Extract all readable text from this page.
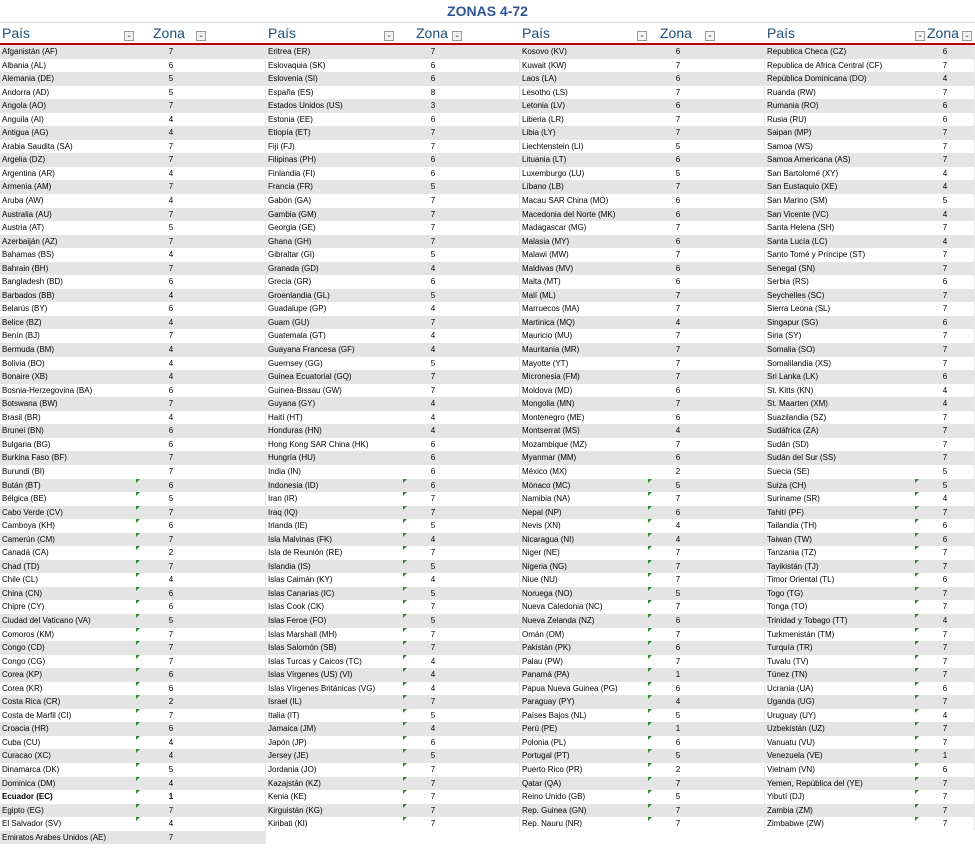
ZONAS 4-72
País	Zona
⌄	⌄
Afganistán (AF)	7
Albania (AL)	6
Alemania (DE)	5
Andorra (AD)	5
Angola (AO)	7
Anguila (AI)	4
Antigua (AG)	4
Arabia Saudita (SA)	7
Argelia (DZ)	7
Argentina (AR)	4
Armenia (AM)	7
Aruba (AW)	4
Australia (AU)	7
Austria (AT)	5
Azerbaiján (AZ)	7
Bahamas (BS)	4
Bahrain (BH)	7
Bangladesh (BD)	6
Barbados (BB)	4
Belarús (BY)	6
Belice (BZ)	4
Benín (BJ)	7
Bermuda (BM)	4
Bolivia (BO)	4
Bonaire (XB)	4
Bosnia-Herzegovina (BA)	6
Botswana (BW)	7
Brasil (BR)	4
Brunei (BN)	6
Bulgaria (BG)	6
Burkina Faso (BF)	7
Burundi (BI)	7
Bután (BT)	6
Bélgica (BE)	5
Cabo Verde (CV)	7
Camboya (KH)	6
Camerún (CM)	7
Canadá (CA)	2
Chad (TD)	7
Chile (CL)	4
China (CN)	6
Chipre (CY)	6
Ciudad del Vaticano (VA)	5
Comoros (KM)	7
Congo (CD)	7
Congo (CG)	7
Corea (KP)	6
Corea (KR)	6
Costa Rica (CR)	2
Costa de Marfil (CI)	7
Croacia (HR)	6
Cuba (CU)	4
Curacao (XC)	4
Dinamarca (DK)	5
Dominica (DM)	4
Ecuador (EC)	1
Egipto (EG)	7
El Salvador (SV)	4
Emiratos Arabes Unidos (AE)	7
País	Zona
⌄	⌄
Eritrea (ER)	7
Eslovaquia (SK)	6
Eslovenia (SI)	6
España (ES)	8
Estados Unidos (US)	3
Estonia (EE)	6
Etiopía (ET)	7
Fiji (FJ)	7
Filipinas (PH)	6
Finlandia (FI)	6
Francia (FR)	5
Gabón (GA)	7
Gambia (GM)	7
Georgia (GE)	7
Ghana (GH)	7
Gibraltar (GI)	5
Granada (GD)	4
Grecia (GR)	6
Groenlandia (GL)	5
Guadalupe (GP)	4
Guam (GU)	7
Guatemala (GT)	4
Guayana Francesa (GF)	4
Guernsey (GG)	5
Guinea Ecuatorial (GQ)	7
Guinea-Bissau (GW)	7
Guyana (GY)	4
Haití (HT)	4
Honduras (HN)	4
Hong Kong SAR China (HK)	6
Hungría (HU)	6
India (IN)	6
Indonesia (ID)	6
Iran (IR)	7
Iraq (IQ)	7
Irlanda (IE)	5
Isla Malvinas (FK)	4
Isla de Reunión (RE)	7
Islandia (IS)	5
Islas Caimán (KY)	4
Islas Canarias (IC)	5
Islas Cook (CK)	7
Islas Feroe (FO)	5
Islas Marshall (MH)	7
Islas Salomón (SB)	7
Islas Turcas y Caicos (TC)	4
Islas Vírgenes (US) (VI)	4
Islas Vírgenes Británicas (VG)	4
Israel (IL)	7
Italia (IT)	5
Jamaica (JM)	4
Japón (JP)	6
Jersey (JE)	5
Jordania (JO)	7
Kazajstán (KZ)	7
Kenia (KE)	7
Kirguistán (KG)	7
Kiribati (KI)	7
País	Zona
⌄	⌄
Kosovo (KV)	6
Kuwait (KW)	7
Laos (LA)	6
Lesotho (LS)	7
Letonia (LV)	6
Liberia (LR)	7
Libia (LY)	7
Liechtenstein (LI)	5
Lituania (LT)	6
Luxemburgo (LU)	5
Líbano (LB)	7
Macau SAR China (MO)	6
Macedonia del Norte (MK)	6
Madagascar (MG)	7
Malasia (MY)	6
Malawi (MW)	7
Maldivas (MV)	6
Malta (MT)	6
Malí (ML)	7
Marruecos (MA)	7
Martinica (MQ)	4
Mauricio (MU)	7
Mauritania (MR)	7
Mayotte (YT)	7
Micronesia (FM)	7
Moldova (MD)	6
Mongolia (MN)	7
Montenegro (ME)	6
Montserrat (MS)	4
Mozambique (MZ)	7
Myanmar (MM)	6
México (MX)	2
Mónaco (MC)	5
Namibia (NA)	7
Nepal (NP)	6
Nevis (XN)	4
Nicaragua (NI)	4
Niger (NE)	7
Nigeria (NG)	7
Niue (NU)	7
Noruega (NO)	5
Nueva Caledonia (NC)	7
Nueva Zelanda (NZ)	6
Omán (OM)	7
Pakistán (PK)	6
Palau (PW)	7
Panamá (PA)	1
Papua Nueva Guinea (PG)	6
Paraguay (PY)	4
Países Bajos (NL)	5
Perú (PE)	1
Polonia (PL)	6
Portugal (PT)	5
Puerto Rico (PR)	2
Qatar (QA)	7
Reino Unido (GB)	5
Rep. Guinea (GN)	7
Rep. Nauru (NR)	7
País	Zona
⌄	⌄
Republica Checa (CZ)	6
Republica de Africa Central (CF)	7
República Dominicana (DO)	4
Ruanda (RW)	7
Rumania (RO)	6
Rusia (RU)	6
Saipan (MP)	7
Samoa (WS)	7
Samoa Americana (AS)	7
San Bartolomé (XY)	4
San Eustaquio (XE)	4
San Marino (SM)	5
San Vicente (VC)	4
Santa Helena (SH)	7
Santa Lucía (LC)	4
Santo Tomé y Príncipe (ST)	7
Senegal (SN)	7
Serbia (RS)	6
Seychelles (SC)	7
Sierra Leona (SL)	7
Singapur (SG)	6
Siria (SY)	7
Somalia (SO)	7
Somalilandia (XS)	7
Sri Lanka (LK)	6
St. Kitts (KN)	4
St. Maarten (XM)	4
Suazilandia (SZ)	7
Sudáfrica (ZA)	7
Sudán (SD)	7
Sudán del Sur (SS)	7
Suecia (SE)	5
Suiza (CH)	5
Suriname (SR)	4
Tahití (PF)	7
Tailandia (TH)	6
Taiwan (TW)	6
Tanzania (TZ)	7
Tayikistán (TJ)	7
Timor Oriental (TL)	6
Togo (TG)	7
Tonga (TO)	7
Trinidad y Tobago (TT)	4
Turkmenistán (TM)	7
Turquía (TR)	7
Tuvalu (TV)	7
Túnez (TN)	7
Ucrania (UA)	6
Uganda (UG)	7
Uruguay (UY)	4
Uzbekistán (UZ)	7
Vanuatu (VU)	7
Venezuela (VE)	1
Vietnam (VN)	6
Yemen, República del (YE)	7
Yibutí (DJ)	7
Zambia (ZM)	7
Zimbabwe (ZW)	7
